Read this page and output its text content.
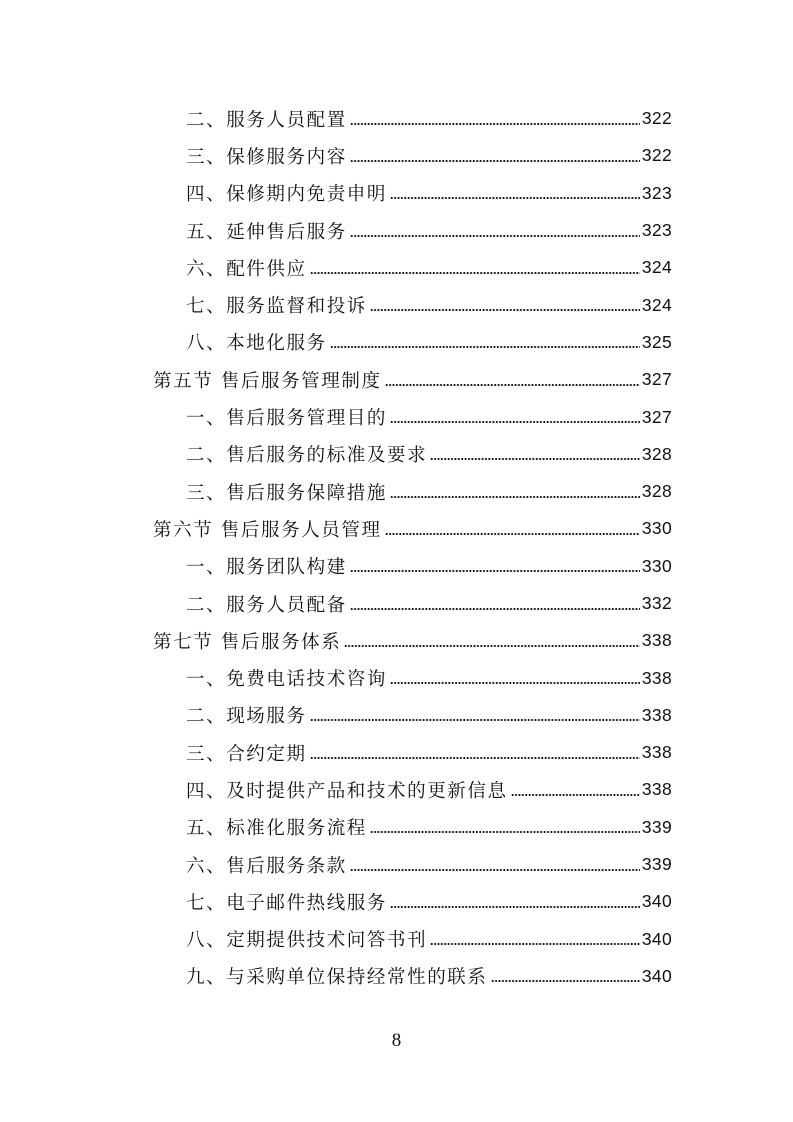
二、服务人员配置	322
三、保修服务内容	322
四、保修期内免责申明	323
五、延伸售后服务	323
六、配件供应	324
七、服务监督和投诉	324
八、本地化服务	325
第五节 售后服务管理制度	327
一、售后服务管理目的	327
二、售后服务的标准及要求	328
三、售后服务保障措施	328
第六节 售后服务人员管理	330
一、服务团队构建	330
二、服务人员配备	332
第七节 售后服务体系	338
一、免费电话技术咨询	338
二、现场服务	338
三、合约定期	338
四、及时提供产品和技术的更新信息	338
五、标准化服务流程	339
六、售后服务条款	339
七、电子邮件热线服务	340
八、定期提供技术问答书刊	340
九、与采购单位保持经常性的联系	340
8
